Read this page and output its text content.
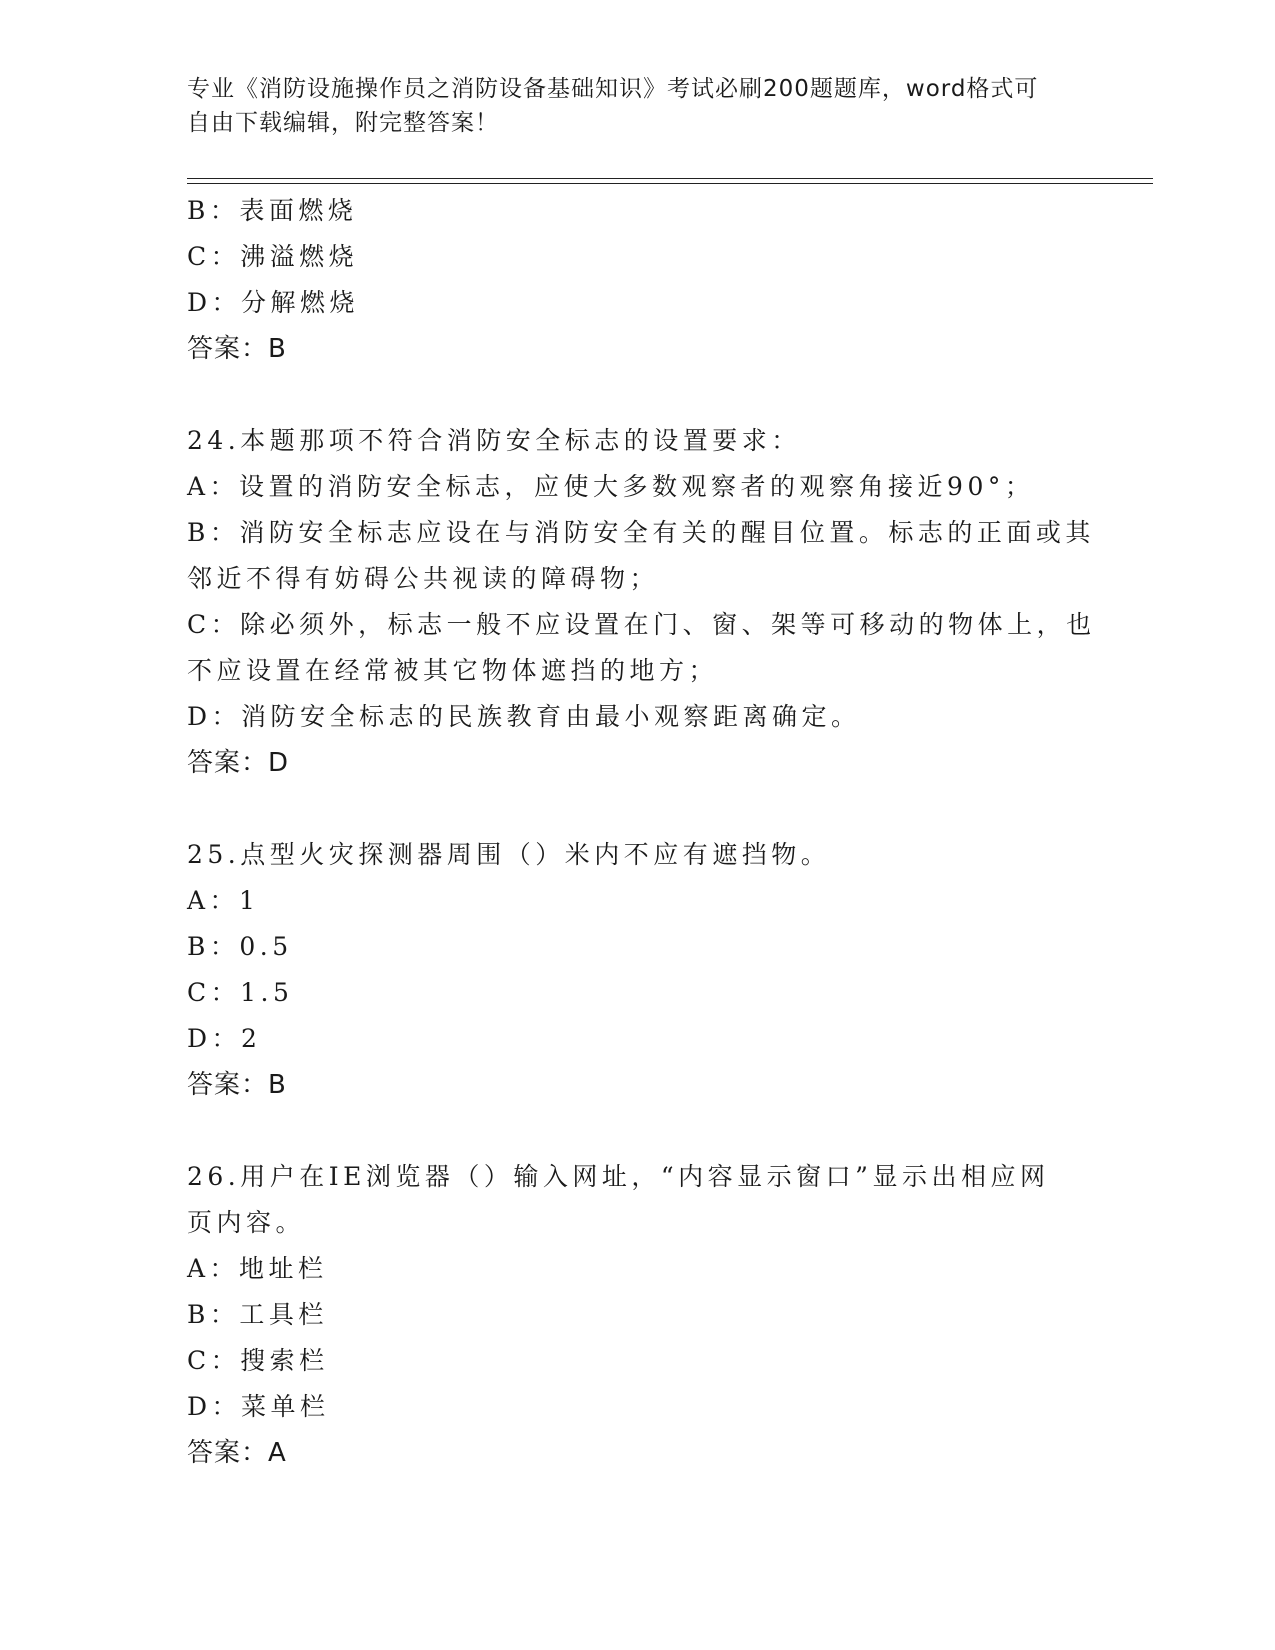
专业《消防设施操作员之消防设备基础知识》考试必刷200题题库，word格式可
自由下载编辑，附完整答案！
B：表面燃烧
C：沸溢燃烧
D：分解燃烧
答案：B
24.本题那项不符合消防安全标志的设置要求：
A：设置的消防安全标志，应使大多数观察者的观察角接近90°；
B：消防安全标志应设在与消防安全有关的醒目位置。标志的正面或其
邻近不得有妨碍公共视读的障碍物；
C：除必须外，标志一般不应设置在门、窗、架等可移动的物体上，也
不应设置在经常被其它物体遮挡的地方；
D：消防安全标志的民族教育由最小观察距离确定。
答案：D
25.点型火灾探测器周围（）米内不应有遮挡物。
A：1
B：0.5
C：1.5
D：2
答案：B
26.用户在IE浏览器（）输入网址，“内容显示窗口”显示出相应网
页内容。
A：地址栏
B：工具栏
C：搜索栏
D：菜单栏
答案：A
